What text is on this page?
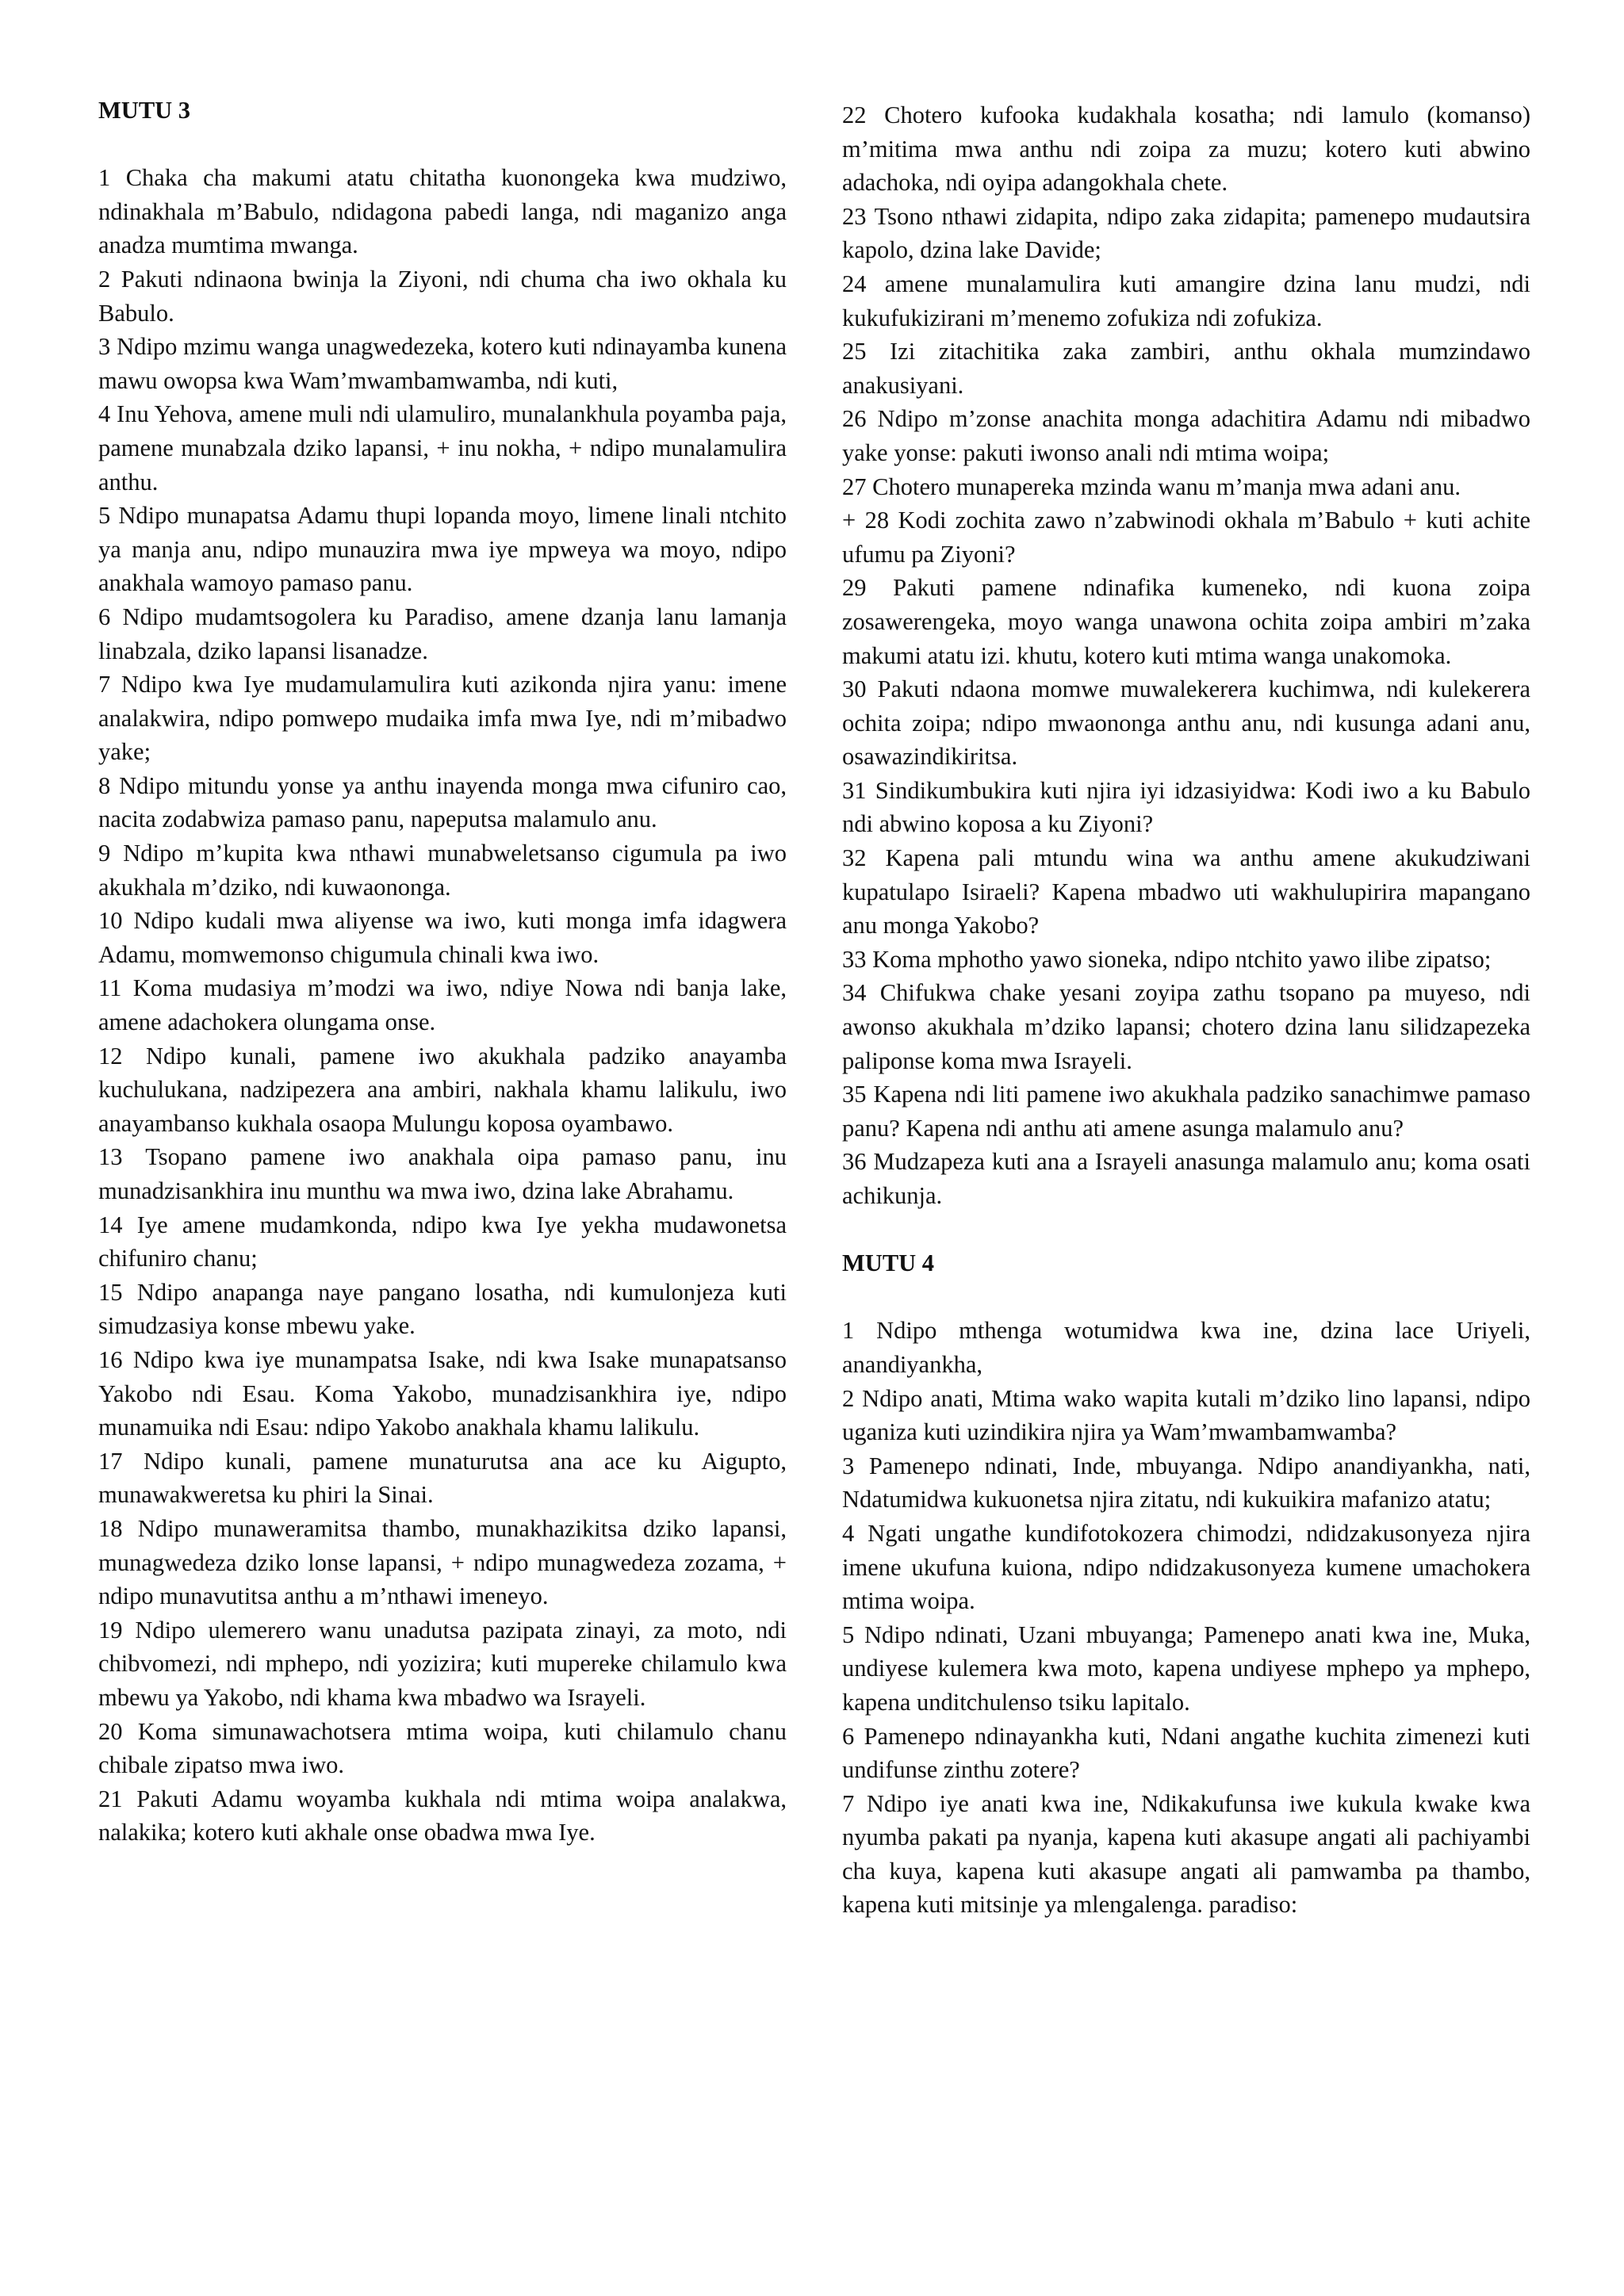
MUTU 3

1 Chaka cha makumi atatu chitatha kuonongeka kwa mudziwo, ndinakhala m’Babulo, ndidagona pabedi langa, ndi maganizo anga anadza mumtima mwanga.

2 Pakuti ndinaona bwinja la Ziyoni, ndi chuma cha iwo okhala ku Babulo.

3 Ndipo mzimu wanga unagwedezeka, kotero kuti ndinayamba kunena mawu owopsa kwa Wam’mwambamwamba, ndi kuti,

4 Inu Yehova, amene muli ndi ulamuliro, munalankhula poyamba paja, pamene munabzala dziko lapansi, + inu nokha, + ndipo munalamulira anthu.

5 Ndipo munapatsa Adamu thupi lopanda moyo, limene linali ntchito ya manja anu, ndipo munauzira mwa iye mpweya wa moyo, ndipo anakhala wamoyo pamaso panu.

6 Ndipo mudamtsogolera ku Paradiso, amene dzanja lanu lamanja linabzala, dziko lapansi lisanadze.

7 Ndipo kwa Iye mudamulamulira kuti azikonda njira yanu: imene analakwira, ndipo pomwepo mudaika imfa mwa Iye, ndi m’mibadwo yake;

8 Ndipo mitundu yonse ya anthu inayenda monga mwa cifuniro cao, nacita zodabwiza pamaso panu, napeputsa malamulo anu.

9 Ndipo m’kupita kwa nthawi munabweletsanso cigumula pa iwo akukhala m’dziko, ndi kuwaononga.

10 Ndipo kudali mwa aliyense wa iwo, kuti monga imfa idagwera Adamu, momwemonso chigumula chinali kwa iwo.

11 Koma mudasiya m’modzi wa iwo, ndiye Nowa ndi banja lake, amene adachokera olungama onse.

12 Ndipo kunali, pamene iwo akukhala padziko anayamba kuchulukana, nadzipezera ana ambiri, nakhala khamu lalikulu, iwo anayambanso kukhala osaopa Mulungu koposa oyambawo.

13 Tsopano pamene iwo anakhala oipa pamaso panu, inu munadzisankhira inu munthu wa mwa iwo, dzina lake Abrahamu.

14 Iye amene mudamkonda, ndipo kwa Iye yekha mudawonetsa chifuniro chanu;

15 Ndipo anapanga naye pangano losatha, ndi kumulonjeza kuti simudzasiya konse mbewu yake.

16 Ndipo kwa iye munampatsa Isake, ndi kwa Isake munapatsanso Yakobo ndi Esau. Koma Yakobo, munadzisankhira iye, ndipo munamuika ndi Esau: ndipo Yakobo anakhala khamu lalikulu.

17 Ndipo kunali, pamene munaturutsa ana ace ku Aigupto, munawakweretsa ku phiri la Sinai.

18 Ndipo munaweramitsa thambo, munakhazikitsa dziko lapansi, munagwedeza dziko lonse lapansi, + ndipo munagwedeza zozama, + ndipo munavutitsa anthu a m’nthawi imeneyo.

19 Ndipo ulemerero wanu unadutsa pazipata zinayi, za moto, ndi chibvomezi, ndi mphepo, ndi yozizira; kuti mupereke chilamulo kwa mbewu ya Yakobo, ndi khama kwa mbadwo wa Israyeli.

20 Koma simunawachotsera mtima woipa, kuti chilamulo chanu chibale zipatso mwa iwo.

21 Pakuti Adamu woyamba kukhala ndi mtima woipa analakwa, nalakika; kotero kuti akhale onse obadwa mwa Iye.

22 Chotero kufooka kudakhala kosatha; ndi lamulo (komanso) m’mitima mwa anthu ndi zoipa za muzu; kotero kuti abwino adachoka, ndi oyipa adangokhala chete.

23 Tsono nthawi zidapita, ndipo zaka zidapita; pamenepo mudautsira kapolo, dzina lake Davide;

24 amene munalamulira kuti amangire dzina lanu mudzi, ndi kukufukizirani m’menemo zofukiza ndi zofukiza.

25 Izi zitachitika zaka zambiri, anthu okhala mumzindawo anakusiyani.

26 Ndipo m’zonse anachita monga adachitira Adamu ndi mibadwo yake yonse: pakuti iwonso anali ndi mtima woipa;

27 Chotero munapereka mzinda wanu m’manja mwa adani anu.

+ 28 Kodi zochita zawo n’zabwinodi okhala m’Babulo + kuti achite ufumu pa Ziyoni?

29 Pakuti pamene ndinafika kumeneko, ndi kuona zoipa zosawerengeka, moyo wanga unawona ochita zoipa ambiri m’zaka makumi atatu izi. khutu, kotero kuti mtima wanga unakomoka.

30 Pakuti ndaona momwe muwalekerera kuchimwa, ndi kulekerera ochita zoipa; ndipo mwaononga anthu anu, ndi kusunga adani anu, osawazindikiritsa.

31 Sindikumbukira kuti njira iyi idzasiyidwa: Kodi iwo a ku Babulo ndi abwino koposa a ku Ziyoni?

32 Kapena pali mtundu wina wa anthu amene akukudziwani kupatulapo Isiraeli? Kapena mbadwo uti wakhulupirira mapangano anu monga Yakobo?

33 Koma mphotho yawo sioneka, ndipo ntchito yawo ilibe zipatso;

34 Chifukwa chake yesani zoyipa zathu tsopano pa muyeso, ndi awonso akukhala m’dziko lapansi; chotero dzina lanu silidzapezeka paliponse koma mwa Israyeli.

35 Kapena ndi liti pamene iwo akukhala padziko sanachimwe pamaso panu? Kapena ndi anthu ati amene asunga malamulo anu?

36 Mudzapeza kuti ana a Israyeli anasunga malamulo anu; koma osati achikunja.

MUTU 4

1 Ndipo mthenga wotumidwa kwa ine, dzina lace Uriyeli, anandiyankha,

2 Ndipo anati, Mtima wako wapita kutali m’dziko lino lapansi, ndipo uganiza kuti uzindikira njira ya Wam’mwambamwamba?

3 Pamenepo ndinati, Inde, mbuyanga. Ndipo anandiyankha, nati, Ndatumidwa kukuonetsa njira zitatu, ndi kukuikira mafanizo atatu;

4 Ngati ungathe kundifotokozera chimodzi, ndidzakusonyeza njira imene ukufuna kuiona, ndipo ndidzakusonyeza kumene umachokera mtima woipa.

5 Ndipo ndinati, Uzani mbuyanga; Pamenepo anati kwa ine, Muka, undiyese kulemera kwa moto, kapena undiyese mphepo ya mphepo, kapena unditchulenso tsiku lapitalo.

6 Pamenepo ndinayankha kuti, Ndani angathe kuchita zimenezi kuti undifunse zinthu zotere?

7 Ndipo iye anati kwa ine, Ndikakufunsa iwe kukula kwake kwa nyumba pakati pa nyanja, kapena kuti akasupe angati ali pachiyambi cha kuya, kapena kuti akasupe angati ali pamwamba pa thambo, kapena kuti mitsinje ya mlengalenga. paradiso:
